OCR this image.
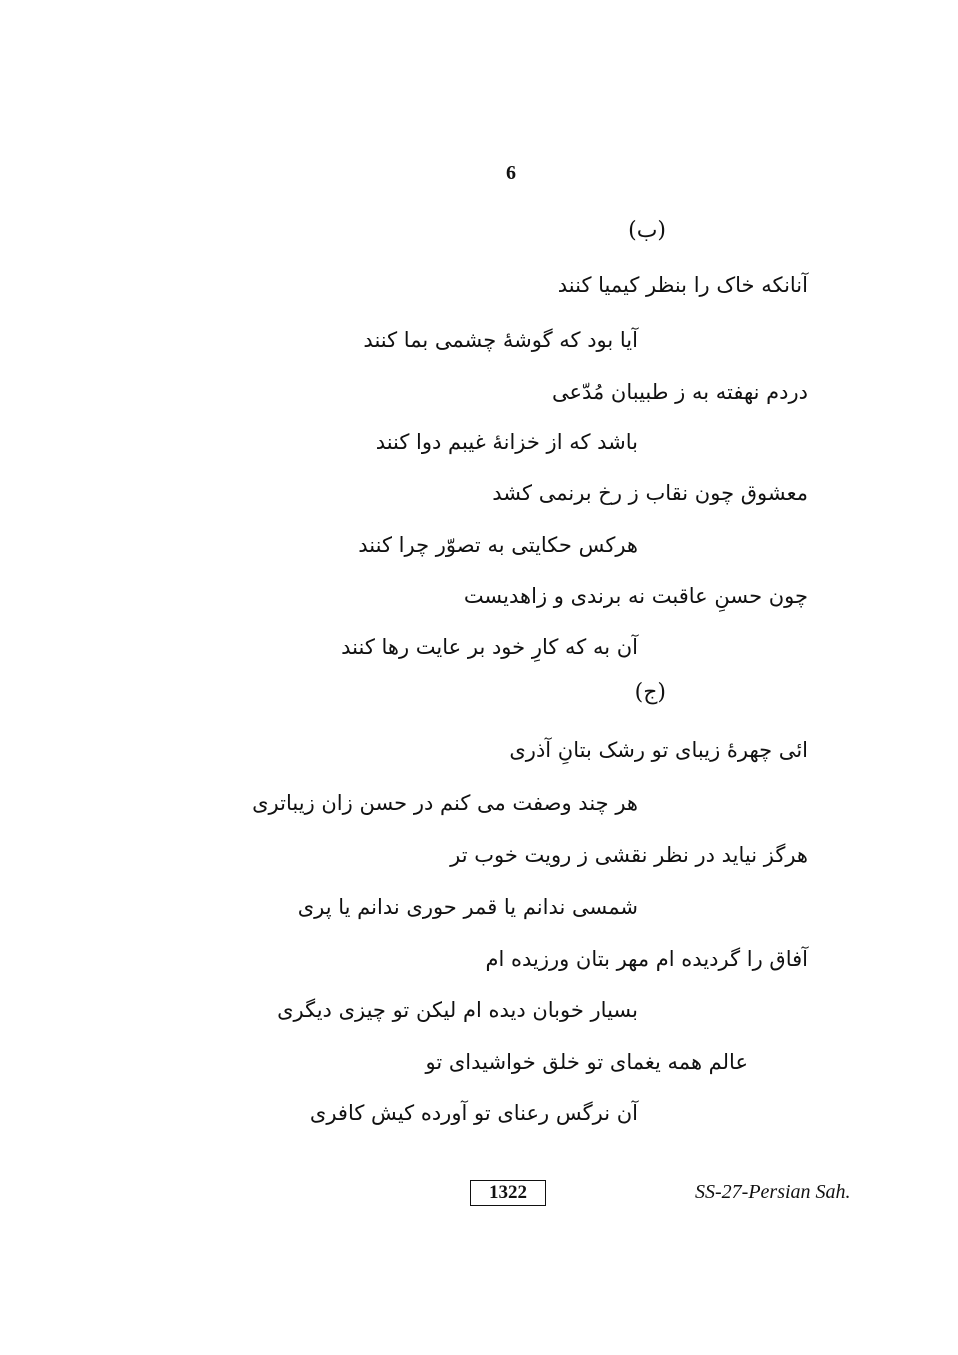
6
(ب)
آنانکه خاک را بنظر کیمیا کنند
آیا بود که گوشهٔ چشمی بما کنند
دردم نهفته به ز طبیبان مُدّعی
باشد که از خزانهٔ غیبم دوا کنند
معشوق چون نقاب ز رخ برنمی کشد
هرکس حکایتی به تصوّر چرا کنند
چون حسنِ عاقبت نه برندی و زاهدیست
آن به که کارِ خود بر عایت رها کنند
(ج)
ائی چهرهٔ زیبای تو رشک بتانِ آذری
هر چند وصفت می کنم در حسن زان زیباتری
هرگز نیاید در نظر نقشی ز رویت خوب تر
شمسی ندانم یا قمر حوری ندانم یا پری
آفاق را گردیده ام مهر بتان ورزیده ام
بسیار خوبان دیده ام لیکن تو چیزی دیگری
عالم همه یغمای تو خلق خواشیدای تو
آن نرگس رعنای تو آورده کیش کافری
1322	SS-27-Persian Sah.
